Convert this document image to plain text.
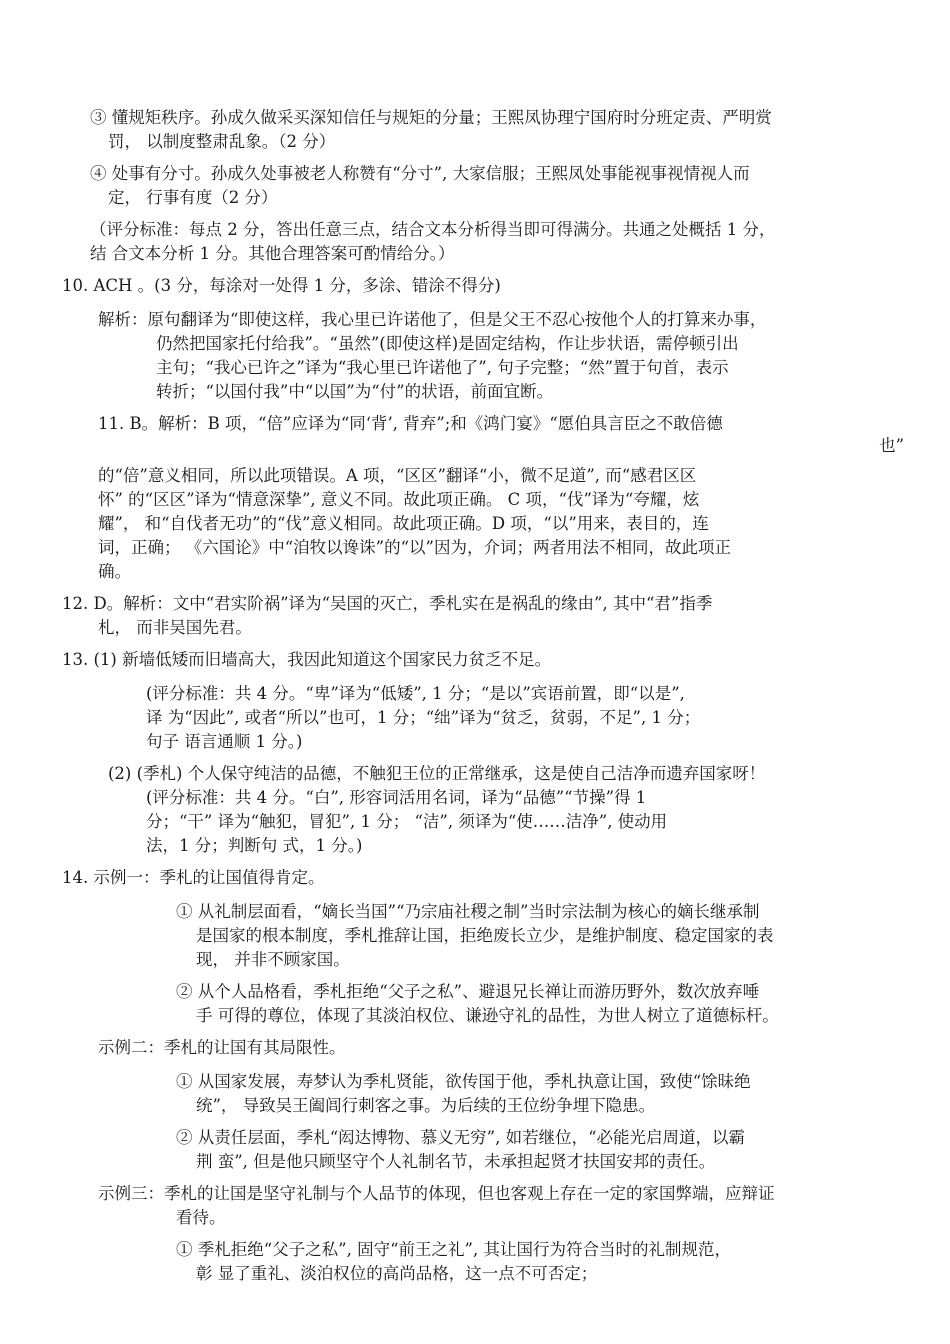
③ 懂规矩秩序。孙成久做采买深知信任与规矩的分量；王熙凤协理宁国府时分班定责、严明赏
罚， 以制度整肃乱象。（2 分）
④ 处事有分寸。孙成久处事被老人称赞有“分寸”, 大家信服；王熙凤处事能视事视情视人而
定， 行事有度（2 分）
（评分标准：每点 2 分，答出任意三点，结合文本分析得当即可得满分。共通之处概括 1 分，
结 合文本分析 1 分。其他合理答案可酌情给分。）
10. ACH 。(3 分，每涂对一处得 1 分，多涂、错涂不得分)
解析：原句翻译为“即使这样，我心里已许诺他了，但是父王不忍心按他个人的打算来办事，
仍然把国家托付给我”。“虽然”(即使这样)是固定结构，作让步状语，需停顿引出
主句；“我心已许之”译为“我心里已许诺他了”, 句子完整；“然”置于句首，表示
转折；“以国付我”中“以国”为“付”的状语，前面宜断。
11. B。解析：B 项，“倍”应译为“同‘背’, 背弃”;和《鸿门宴》“愿伯具言臣之不敢倍德
也”
的“倍”意义相同，所以此项错误。A 项，“区区”翻译“小，微不足道”, 而“感君区区
怀” 的“区区”译为“情意深挚”, 意义不同。故此项正确。 C 项，“伐”译为“夸耀，炫
耀”， 和“自伐者无功”的“伐”意义相同。故此项正确。D 项，“以”用来，表目的，连
词，正确； 《六国论》中“洎牧以谗诛”的“以”因为，介词；两者用法不相同，故此项正
确。
12. D。解析：文中“君实阶祸”译为“吴国的灭亡，季札实在是祸乱的缘由”, 其中“君”指季
札， 而非吴国先君。
13. (1) 新墙低矮而旧墙高大，我因此知道这个国家民力贫乏不足。
(评分标准：共 4 分。“卑”译为“低矮”, 1 分；“是以”宾语前置，即“以是”,
译 为“因此”, 或者“所以”也可，1 分；“绌”译为“贫乏，贫弱，不足”, 1 分；
句子 语言通顺 1 分。)
(2) (季札) 个人保守纯洁的品德，不触犯王位的正常继承，这是使自己洁净而遗弃国家呀！
(评分标准：共 4 分。“白”, 形容词活用名词，译为“品德”“节操”得 1
分；“干” 译为“触犯，冒犯”, 1 分； “洁”, 须译为“使……洁净”, 使动用
法，1 分；判断句 式，1 分。)
14. 示例一：季札的让国值得肯定。
① 从礼制层面看，“嫡长当国”“乃宗庙社稷之制”当时宗法制为核心的嫡长继承制
是国家的根本制度，季札推辞让国，拒绝废长立少，是维护制度、稳定国家的表
现， 并非不顾家国。
② 从个人品格看，季札拒绝“父子之私”、避退兄长禅让而游历野外，数次放弃唾
手 可得的尊位，体现了其淡泊权位、谦逊守礼的品性，为世人树立了道德标杆。
示例二：季札的让国有其局限性。
① 从国家发展，寿梦认为季札贤能，欲传国于他，季札执意让国，致使“馀昧绝
统”， 导致吴王阖闾行刺客之事。为后续的王位纷争埋下隐患。
② 从责任层面，季札“闳达博物、慕义无穷”, 如若继位，“必能光启周道，以霸
荆 蛮”, 但是他只顾坚守个人礼制名节，未承担起贤才扶国安邦的责任。
示例三：季札的让国是坚守礼制与个人品节的体现，但也客观上存在一定的家国弊端，应辩证
看待。
① 季札拒绝“父子之私”, 固守“前王之礼”, 其让国行为符合当时的礼制规范，
彰 显了重礼、淡泊权位的高尚品格，这一点不可否定；
